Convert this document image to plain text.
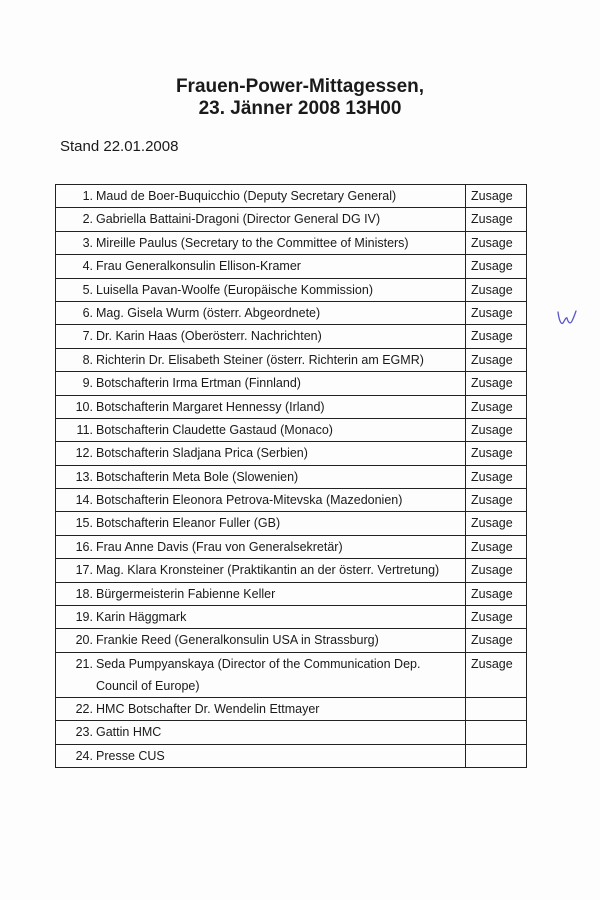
Frauen-Power-Mittagessen,
23. Jänner 2008 13H00
Stand 22.01.2008
1.	Maud de Boer-Buquicchio (Deputy Secretary General)	Zusage
2.	Gabriella Battaini-Dragoni (Director General DG IV)	Zusage
3.	Mireille Paulus (Secretary to the Committee of Ministers)	Zusage
4.	Frau Generalkonsulin Ellison-Kramer	Zusage
5.	Luisella Pavan-Woolfe (Europäische Kommission)	Zusage
6.	Mag. Gisela Wurm (österr. Abgeordnete)	Zusage
7.	Dr. Karin Haas (Oberösterr. Nachrichten)	Zusage
8.	Richterin Dr. Elisabeth Steiner (österr. Richterin am EGMR)	Zusage
9.	Botschafterin Irma Ertman (Finnland)	Zusage
10.	Botschafterin Margaret Hennessy (Irland)	Zusage
11.	Botschafterin Claudette Gastaud (Monaco)	Zusage
12.	Botschafterin Sladjana Prica (Serbien)	Zusage
13.	Botschafterin Meta Bole (Slowenien)	Zusage
14.	Botschafterin Eleonora Petrova-Mitevska (Mazedonien)	Zusage
15.	Botschafterin Eleanor Fuller (GB)	Zusage
16.	Frau Anne Davis (Frau von Generalsekretär)	Zusage
17.	Mag. Klara Kronsteiner (Praktikantin an der österr. Vertretung)	Zusage
18.	Bürgermeisterin Fabienne Keller	Zusage
19.	Karin Häggmark	Zusage
20.	Frankie Reed (Generalkonsulin USA in Strassburg)	Zusage
21.	Seda Pumpyanskaya (Director of the Communication Dep.
Council of Europe)	Zusage
22.	HMC Botschafter Dr. Wendelin Ettmayer	
23.	Gattin HMC	
24.	Presse CUS	
